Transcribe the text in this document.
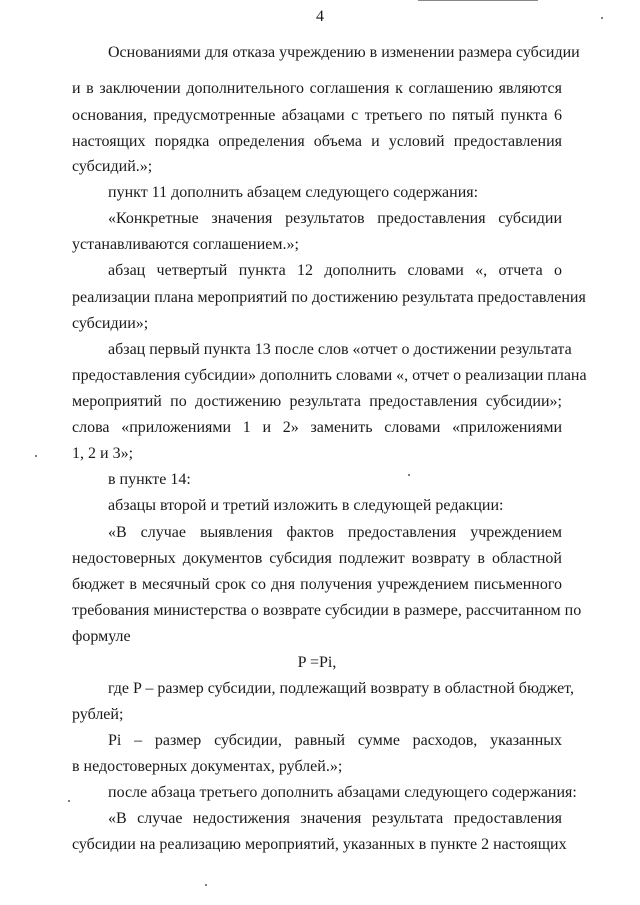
4
Основаниями для отказа учреждению в изменении размера субсидии
и в заключении дополнительного соглашения к соглашению являются
основания, предусмотренные абзацами с третьего по пятый пункта 6
настоящих порядка определения объема и условий предоставления
субсидий.»;
пункт 11 дополнить абзацем следующего содержания:
«Конкретные значения результатов предоставления субсидии
устанавливаются соглашением.»;
абзац четвертый пункта 12 дополнить словами «, отчета о
реализации плана мероприятий по достижению результата предоставления
субсидии»;
абзац первый пункта 13 после слов «отчет о достижении результата
предоставления субсидии» дополнить словами «, отчет о реализации плана
мероприятий по достижению результата предоставления субсидии»;
слова «приложениями 1 и 2» заменить словами «приложениями
1, 2 и 3»;
в пункте 14:
абзацы второй и третий изложить в следующей редакции:
«В случае выявления фактов предоставления учреждением
недостоверных документов субсидия подлежит возврату в областной
бюджет в месячный срок со дня получения учреждением письменного
требования министерства о возврате субсидии в размере, рассчитанном по
формуле
P =Pi,
где P – размер субсидии, подлежащий возврату в областной бюджет,
рублей;
Pi – размер субсидии, равный сумме расходов, указанных
в недостоверных документах, рублей.»;
после абзаца третьего дополнить абзацами следующего содержания:
«В случае недостижения значения результата предоставления
субсидии на реализацию мероприятий, указанных в пункте 2 настоящих
